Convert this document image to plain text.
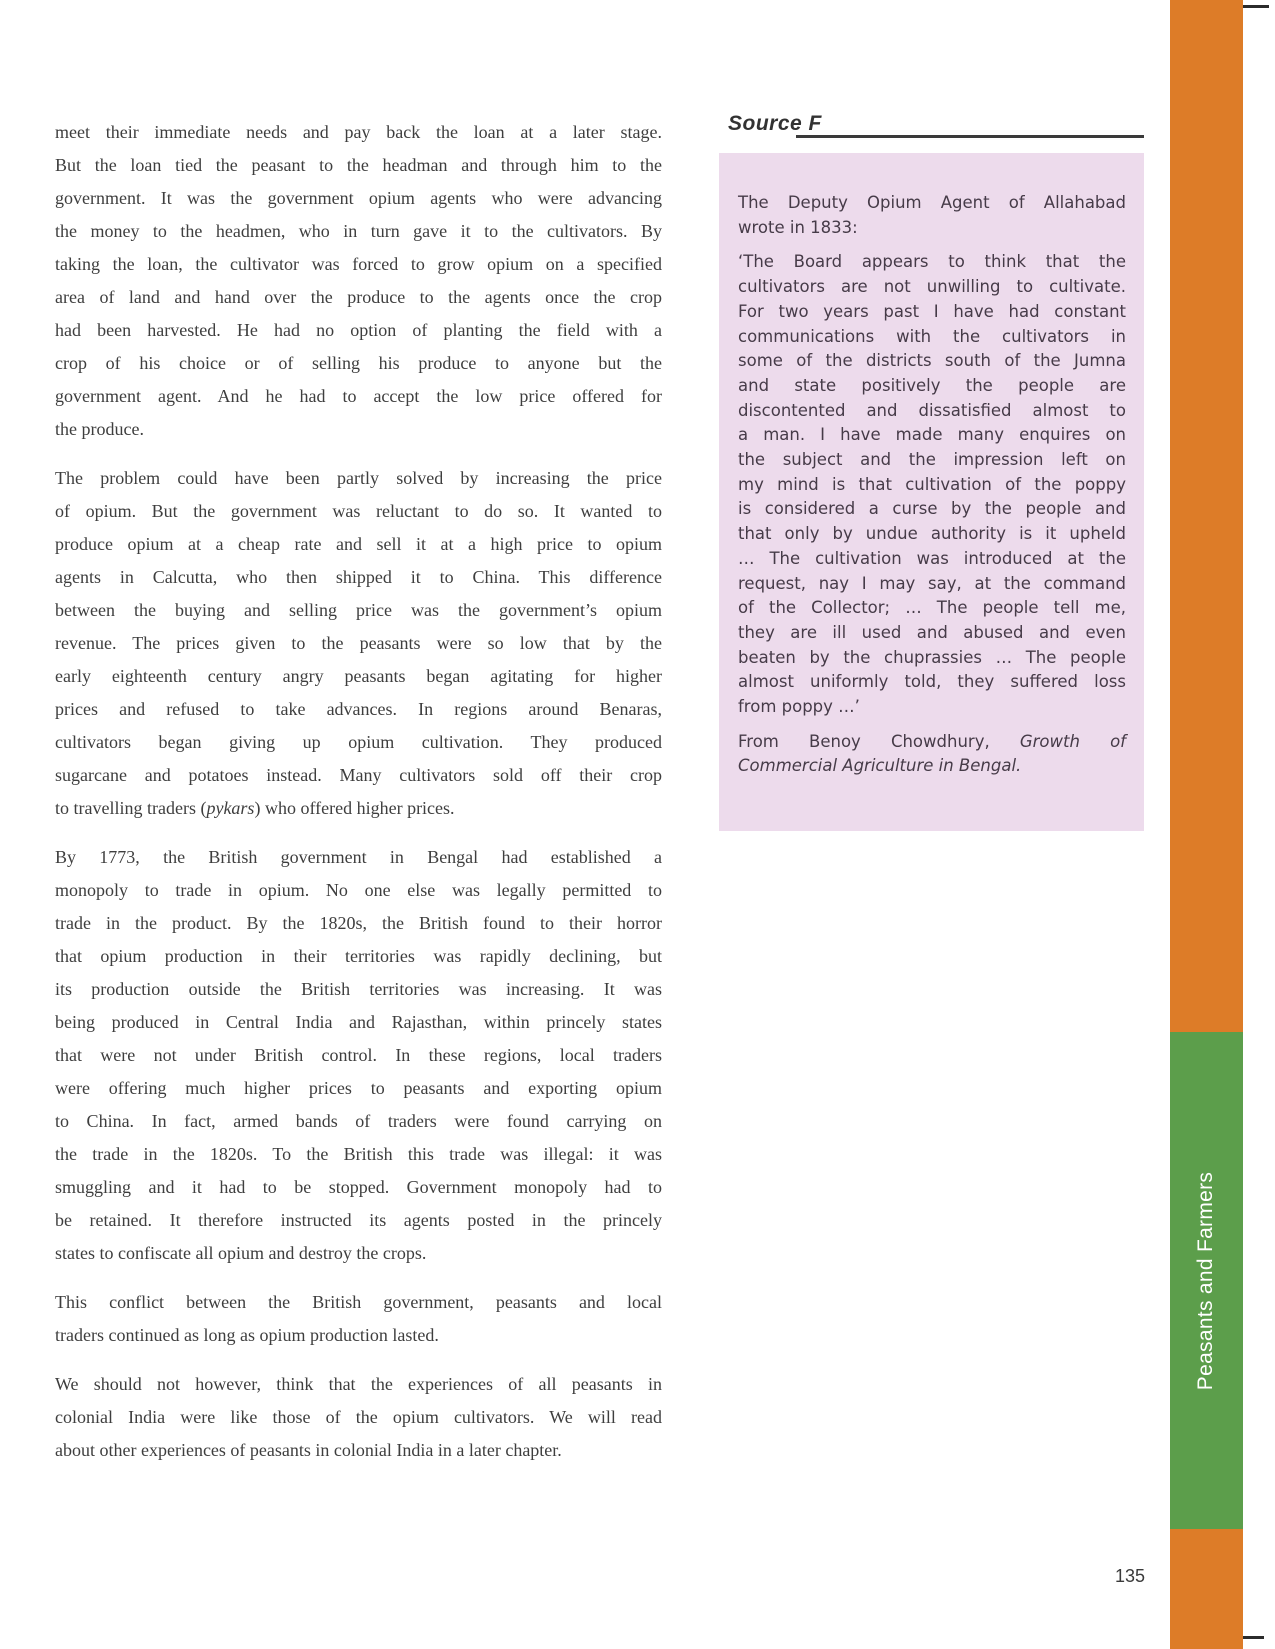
meet their immediate needs and pay back the loan at a later stage.
But the loan tied the peasant to the headman and through him to the
government. It was the government opium agents who were advancing
the money to the headmen, who in turn gave it to the cultivators. By
taking the loan, the cultivator was forced to grow opium on a specified
area of land and hand over the produce to the agents once the crop
had been harvested. He had no option of planting the field with a
crop of his choice or of selling his produce to anyone but the
government agent. And he had to accept the low price offered for
the produce.

The problem could have been partly solved by increasing the price
of opium. But the government was reluctant to do so. It wanted to
produce opium at a cheap rate and sell it at a high price to opium
agents in Calcutta, who then shipped it to China. This difference
between the buying and selling price was the government’s opium
revenue. The prices given to the peasants were so low that by the
early eighteenth century angry peasants began agitating for higher
prices and refused to take advances. In regions around Benaras,
cultivators began giving up opium cultivation. They produced
sugarcane and potatoes instead. Many cultivators sold off their crop
to travelling traders (pykars) who offered higher prices.

By 1773, the British government in Bengal had established a
monopoly to trade in opium. No one else was legally permitted to
trade in the product. By the 1820s, the British found to their horror
that opium production in their territories was rapidly declining, but
its production outside the British territories was increasing. It was
being produced in Central India and Rajasthan, within princely states
that were not under British control. In these regions, local traders
were offering much higher prices to peasants and exporting opium
to China. In fact, armed bands of traders were found carrying on
the trade in the 1820s. To the British this trade was illegal: it was
smuggling and it had to be stopped. Government monopoly had to
be retained. It therefore instructed its agents posted in the princely
states to confiscate all opium and destroy the crops.

This conflict between the British government, peasants and local
traders continued as long as opium production lasted.

We should not however, think that the experiences of all peasants in
colonial India were like those of the opium cultivators. We will read
about other experiences of peasants in colonial India in a later chapter.

Source F

The Deputy Opium Agent of Allahabad
wrote in 1833:

‘The Board appears to think that the
cultivators are not unwilling to cultivate.
For two years past I have had constant
communications with the cultivators in
some of the districts south of the Jumna
and state positively the people are
discontented and dissatisfied almost to
a man. I have made many enquires on
the subject and the impression left on
my mind is that cultivation of the poppy
is considered a curse by the people and
that only by undue authority is it upheld
… The cultivation was introduced at the
request, nay I may say, at the command
of the Collector; … The people tell me,
they are ill used and abused and even
beaten by the chuprassies … The people
almost uniformly told, they suffered loss
from poppy …’

From Benoy Chowdhury, Growth of
Commercial Agriculture in Bengal.

Peasants and Farmers
135
